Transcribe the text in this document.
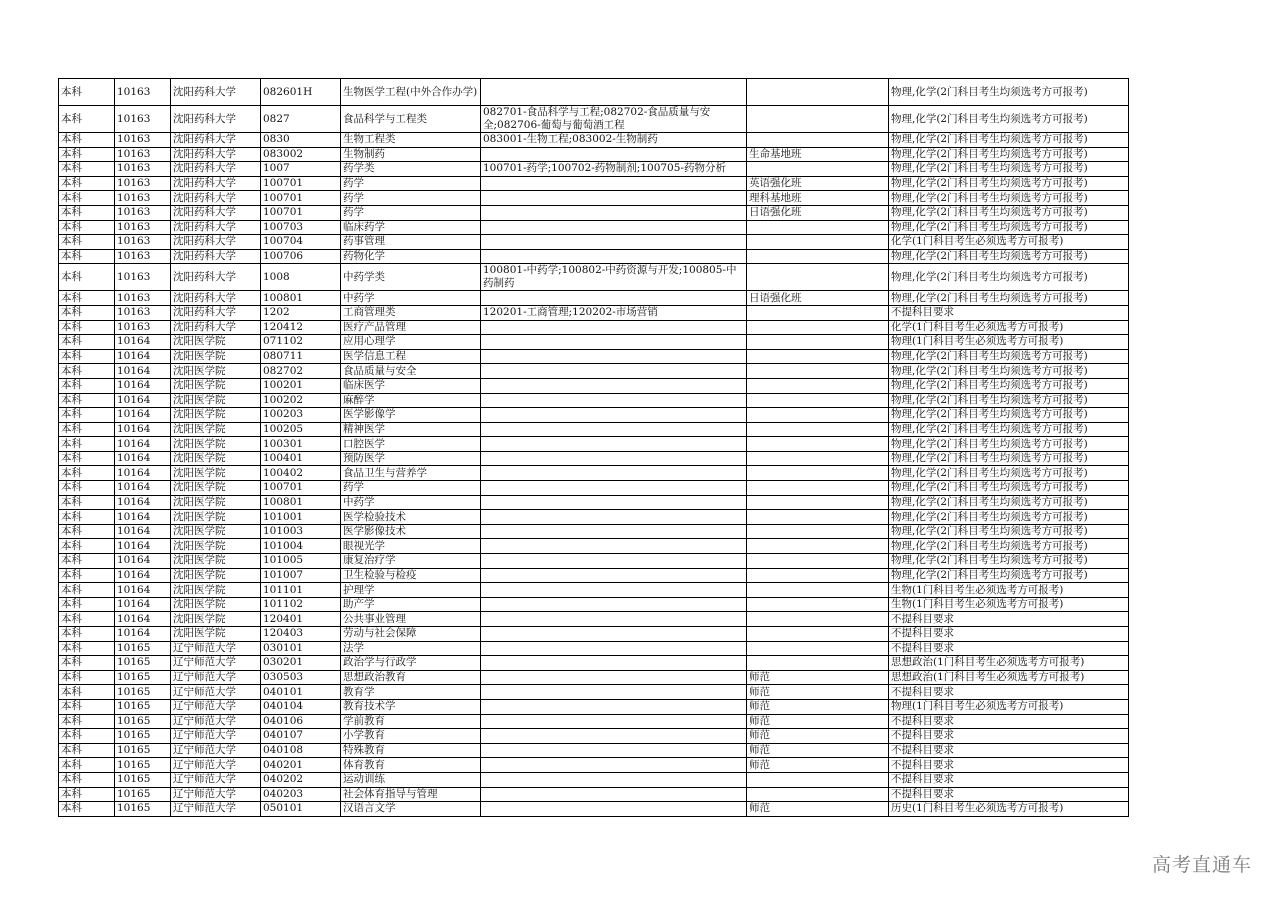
本科	10163	沈阳药科大学	082601H	生物医学工程(中外合作办学)			物理,化学(2门科目考生均须选考方可报考)
本科	10163	沈阳药科大学	0827	食品科学与工程类	082701-食品科学与工程;082702-食品质量与安全;082706-葡萄与葡萄酒工程		物理,化学(2门科目考生均须选考方可报考)
本科	10163	沈阳药科大学	0830	生物工程类	083001-生物工程;083002-生物制药		物理,化学(2门科目考生均须选考方可报考)
本科	10163	沈阳药科大学	083002	生物制药		生命基地班	物理,化学(2门科目考生均须选考方可报考)
本科	10163	沈阳药科大学	1007	药学类	100701-药学;100702-药物制剂;100705-药物分析		物理,化学(2门科目考生均须选考方可报考)
本科	10163	沈阳药科大学	100701	药学		英语强化班	物理,化学(2门科目考生均须选考方可报考)
本科	10163	沈阳药科大学	100701	药学		理科基地班	物理,化学(2门科目考生均须选考方可报考)
本科	10163	沈阳药科大学	100701	药学		日语强化班	物理,化学(2门科目考生均须选考方可报考)
本科	10163	沈阳药科大学	100703	临床药学			物理,化学(2门科目考生均须选考方可报考)
本科	10163	沈阳药科大学	100704	药事管理			化学(1门科目考生必须选考方可报考)
本科	10163	沈阳药科大学	100706	药物化学			物理,化学(2门科目考生均须选考方可报考)
本科	10163	沈阳药科大学	1008	中药学类	100801-中药学;100802-中药资源与开发;100805-中药制药		物理,化学(2门科目考生均须选考方可报考)
本科	10163	沈阳药科大学	100801	中药学		日语强化班	物理,化学(2门科目考生均须选考方可报考)
本科	10163	沈阳药科大学	1202	工商管理类	120201-工商管理;120202-市场营销		不提科目要求
本科	10163	沈阳药科大学	120412	医疗产品管理			化学(1门科目考生必须选考方可报考)
本科	10164	沈阳医学院	071102	应用心理学			物理(1门科目考生必须选考方可报考)
本科	10164	沈阳医学院	080711	医学信息工程			物理,化学(2门科目考生均须选考方可报考)
本科	10164	沈阳医学院	082702	食品质量与安全			物理,化学(2门科目考生均须选考方可报考)
本科	10164	沈阳医学院	100201	临床医学			物理,化学(2门科目考生均须选考方可报考)
本科	10164	沈阳医学院	100202	麻醉学			物理,化学(2门科目考生均须选考方可报考)
本科	10164	沈阳医学院	100203	医学影像学			物理,化学(2门科目考生均须选考方可报考)
本科	10164	沈阳医学院	100205	精神医学			物理,化学(2门科目考生均须选考方可报考)
本科	10164	沈阳医学院	100301	口腔医学			物理,化学(2门科目考生均须选考方可报考)
本科	10164	沈阳医学院	100401	预防医学			物理,化学(2门科目考生均须选考方可报考)
本科	10164	沈阳医学院	100402	食品卫生与营养学			物理,化学(2门科目考生均须选考方可报考)
本科	10164	沈阳医学院	100701	药学			物理,化学(2门科目考生均须选考方可报考)
本科	10164	沈阳医学院	100801	中药学			物理,化学(2门科目考生均须选考方可报考)
本科	10164	沈阳医学院	101001	医学检验技术			物理,化学(2门科目考生均须选考方可报考)
本科	10164	沈阳医学院	101003	医学影像技术			物理,化学(2门科目考生均须选考方可报考)
本科	10164	沈阳医学院	101004	眼视光学			物理,化学(2门科目考生均须选考方可报考)
本科	10164	沈阳医学院	101005	康复治疗学			物理,化学(2门科目考生均须选考方可报考)
本科	10164	沈阳医学院	101007	卫生检验与检疫			物理,化学(2门科目考生均须选考方可报考)
本科	10164	沈阳医学院	101101	护理学			生物(1门科目考生必须选考方可报考)
本科	10164	沈阳医学院	101102	助产学			生物(1门科目考生必须选考方可报考)
本科	10164	沈阳医学院	120401	公共事业管理			不提科目要求
本科	10164	沈阳医学院	120403	劳动与社会保障			不提科目要求
本科	10165	辽宁师范大学	030101	法学			不提科目要求
本科	10165	辽宁师范大学	030201	政治学与行政学			思想政治(1门科目考生必须选考方可报考)
本科	10165	辽宁师范大学	030503	思想政治教育		师范	思想政治(1门科目考生必须选考方可报考)
本科	10165	辽宁师范大学	040101	教育学		师范	不提科目要求
本科	10165	辽宁师范大学	040104	教育技术学		师范	物理(1门科目考生必须选考方可报考)
本科	10165	辽宁师范大学	040106	学前教育		师范	不提科目要求
本科	10165	辽宁师范大学	040107	小学教育		师范	不提科目要求
本科	10165	辽宁师范大学	040108	特殊教育		师范	不提科目要求
本科	10165	辽宁师范大学	040201	体育教育		师范	不提科目要求
本科	10165	辽宁师范大学	040202	运动训练			不提科目要求
本科	10165	辽宁师范大学	040203	社会体育指导与管理			不提科目要求
本科	10165	辽宁师范大学	050101	汉语言文学		师范	历史(1门科目考生必须选考方可报考)
高考直通车
